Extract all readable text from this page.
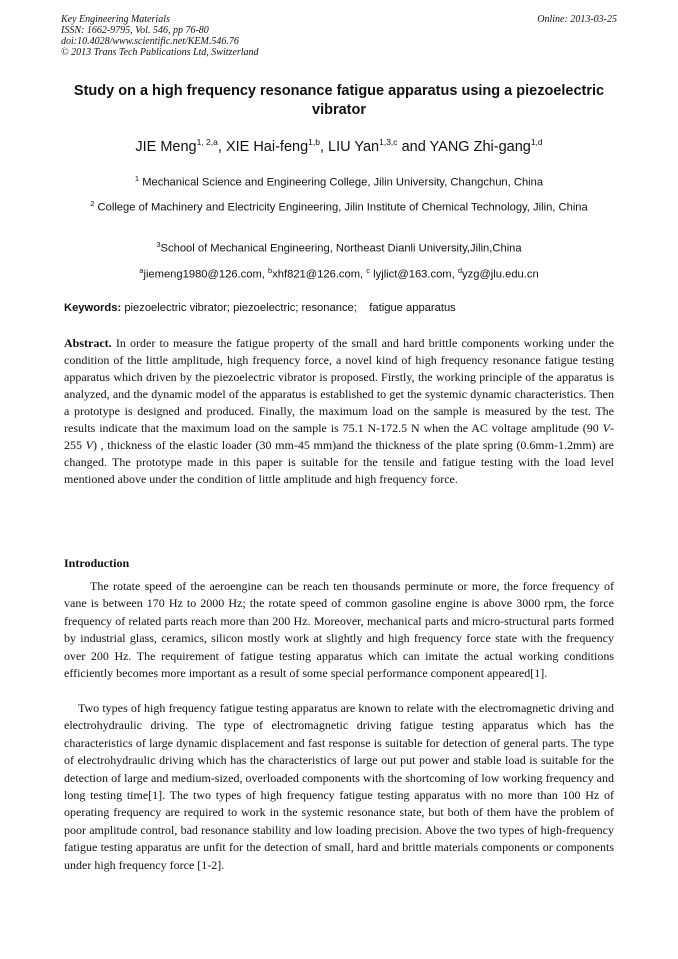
Key Engineering Materials
ISSN: 1662-9795, Vol. 546, pp 76-80
doi:10.4028/www.scientific.net/KEM.546.76
© 2013 Trans Tech Publications Ltd, Switzerland
Online: 2013-03-25
Study on a high frequency resonance fatigue apparatus using a piezoelectric vibrator
JIE Meng$^{1, 2,a}$, XIE Hai-feng$^{1,b}$, LIU Yan$^{1,3,c}$ and YANG Zhi-gang$^{1,d}$
$^1$ Mechanical Science and Engineering College, Jilin University, Changchun, China
$^2$ College of Machinery and Electricity Engineering, Jilin Institute of Chemical Technology, Jilin, China
$^3$School of Mechanical Engineering, Northeast Dianli University,Jilin,China
$^a$jiemeng1980@126.com, $^b$xhf821@126.com, $^c$ lyjlict@163.com, $^d$yzg@jlu.edu.cn
Keywords: piezoelectric vibrator; piezoelectric; resonance;    fatigue apparatus

Abstract. In order to measure the fatigue property of the small and hard brittle components working under the condition of the little amplitude, high frequency force, a novel kind of high frequency resonance fatigue testing apparatus which driven by the piezoelectric vibrator is proposed. Firstly, the working principle of the apparatus is analyzed, and the dynamic model of the apparatus is established to get the systemic dynamic characteristics. Then a prototype is designed and produced. Finally, the maximum load on the sample is measured by the test. The results indicate that the maximum load on the sample is 75.1 N-172.5 N when the AC voltage amplitude (90 V-255 V) , thickness of the elastic loader (30 mm-45 mm)and the thickness of the plate spring (0.6mm-1.2mm) are changed. The prototype made in this paper is suitable for the tensile and fatigue testing with the load level mentioned above under the condition of little amplitude and high frequency force.

Introduction

The rotate speed of the aeroengine can be reach ten thousands perminute or more, the force frequency of vane is between 170 Hz to 2000 Hz; the rotate speed of common gasoline engine is above 3000 rpm, the force frequency of related parts reach more than 200 Hz. Moreover, mechanical parts and micro-structural parts formed by industrial glass, ceramics, silicon mostly work at slightly and high frequency force state with the frequency over 200 Hz. The requirement of fatigue testing apparatus which can imitate the actual working conditions efficiently becomes more important as a result of some special performance component appeared[1].

Two types of high frequency fatigue testing apparatus are known to relate with the electromagnetic driving and electrohydraulic driving. The type of electromagnetic driving fatigue testing apparatus which has the characteristics of large dynamic displacement and fast response is suitable for detection of general parts. The type of electrohydraulic driving which has the characteristics of large out put power and stable load is suitable for the detection of large and medium-sized, overloaded components with the shortcoming of low working frequency and long testing time[1]. The two types of high frequency fatigue testing apparatus with no more than 100 Hz of operating frequency are required to work in the systemic resonance state, but both of them have the problem of poor amplitude control, bad resonance stability and low loading precision. Above the two types of high-frequency fatigue testing apparatus are unfit for the detection of small, hard and brittle materials components or components under high frequency force [1-2].
